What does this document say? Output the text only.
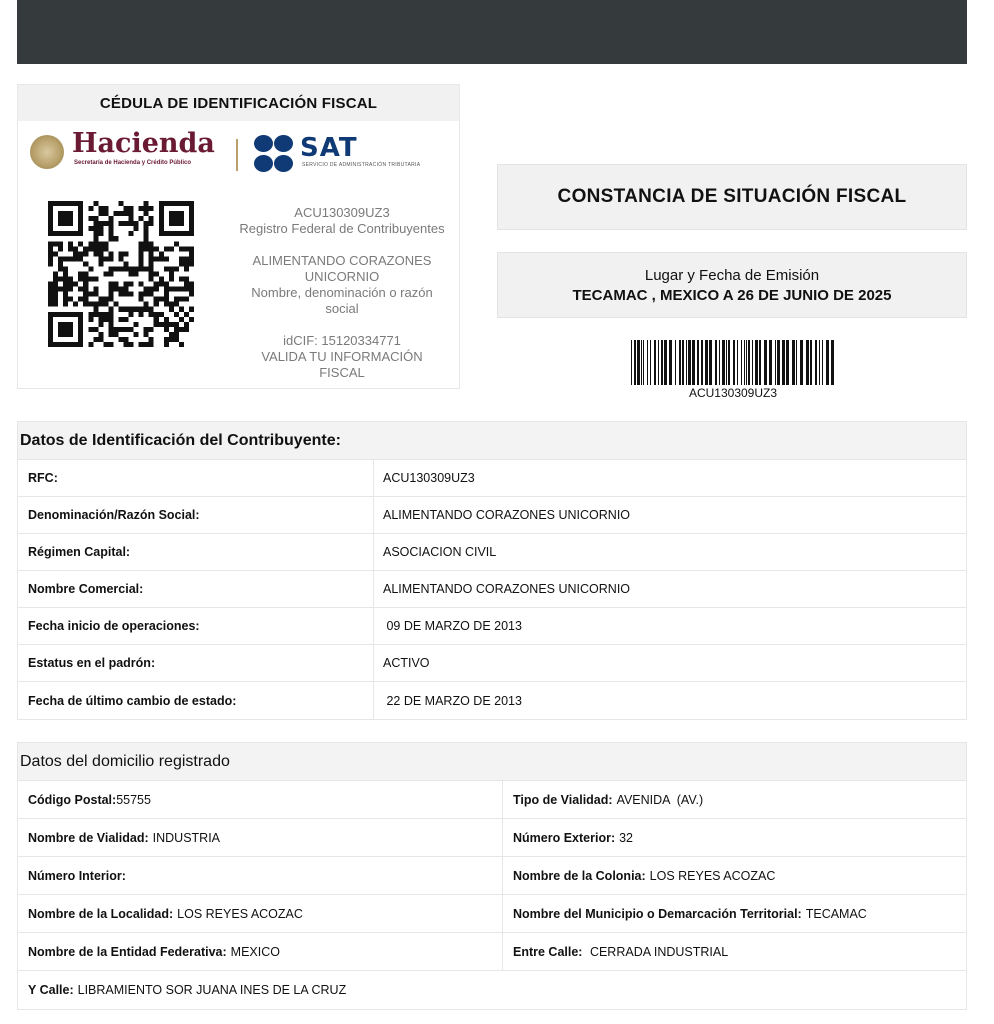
CÉDULA DE IDENTIFICACIÓN FISCAL
Hacienda
Secretaría de Hacienda y Crédito Público	SAT
SERVICIO DE ADMINISTRACIÓN TRIBUTARIA
ACU130309UZ3
Registro Federal de Contribuyentes
ALIMENTANDO CORAZONES
UNICORNIO
Nombre, denominación o razón
social
idCIF: 15120334771
VALIDA TU INFORMACIÓN
FISCAL
CONSTANCIA DE SITUACIÓN FISCAL
Lugar y Fecha de Emisión
TECAMAC , MEXICO A 26 DE JUNIO DE 2025
ACU130309UZ3
Datos de Identificación del Contribuyente:
RFC:	ACU130309UZ3
Denominación/Razón Social:	ALIMENTANDO CORAZONES UNICORNIO
Régimen Capital:	ASOCIACION CIVIL
Nombre Comercial:	ALIMENTANDO CORAZONES UNICORNIO
Fecha inicio de operaciones:	09 DE MARZO DE 2013
Estatus en el padrón:	ACTIVO
Fecha de último cambio de estado:	22 DE MARZO DE 2013
Datos del domicilio registrado
Código Postal: 55755	Tipo de Vialidad: AVENIDA  (AV.)
Nombre de Vialidad: INDUSTRIA	Número Exterior: 32
Número Interior:	Nombre de la Colonia: LOS REYES ACOZAC
Nombre de la Localidad: LOS REYES ACOZAC	Nombre del Municipio o Demarcación Territorial: TECAMAC
Nombre de la Entidad Federativa: MEXICO	Entre Calle: CERRADA INDUSTRIAL
Y Calle: LIBRAMIENTO SOR JUANA INES DE LA CRUZ
